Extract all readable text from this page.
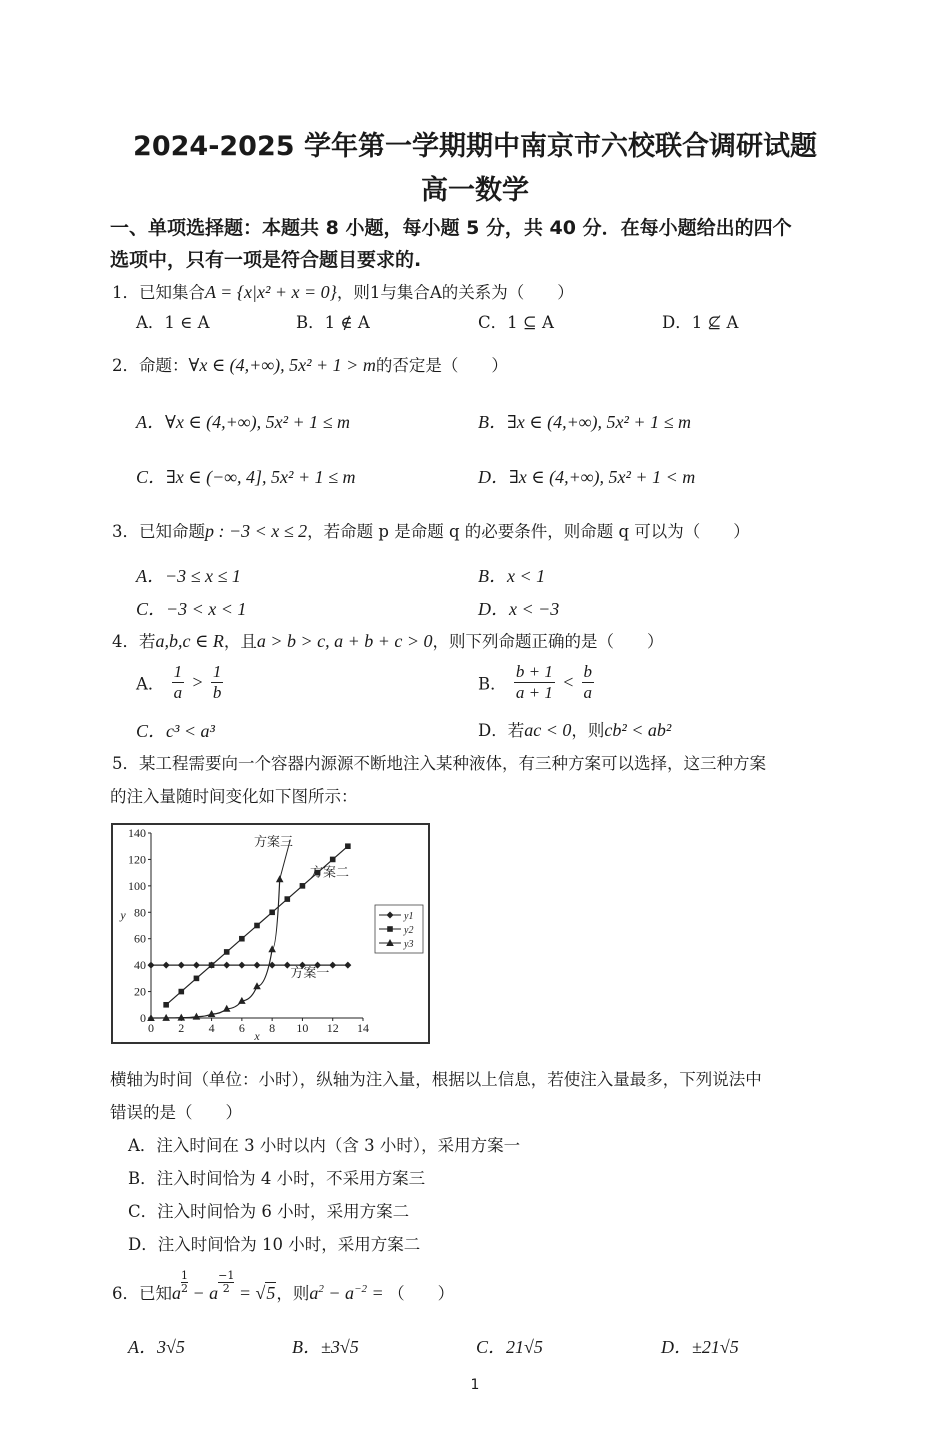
2024-2025 学年第一学期期中南京市六校联合调研试题
高一数学
一、单项选择题：本题共 8 小题，每小题 5 分，共 40 分．在每小题给出的四个
选项中，只有一项是符合题目要求的.
1．已知集合A = {x|x² + x = 0}，则1与集合A的关系为（　　）
A．1 ∈ A	B．1 ∉ A	C．1 ⊆ A	D．1 ⊈ A
2．命题：∀x ∈ (4,+∞), 5x² + 1 > m的否定是（　　）
A．∀x ∈ (4,+∞), 5x² + 1 ≤ m	B．∃x ∈ (4,+∞), 5x² + 1 ≤ m
C．∃x ∈ (−∞, 4], 5x² + 1 ≤ m	D．∃x ∈ (4,+∞), 5x² + 1 < m
3．已知命题p : −3 < x ≤ 2，若命题 p 是命题 q 的必要条件，则命题 q 可以为（　　）
A．−3 ≤ x ≤ 1	B．x < 1
C．−3 < x < 1	D．x < −3
4．若a,b,c ∈ R，且a > b > c, a + b + c > 0，则下列命题正确的是（　　）
A． $\frac{1}{a} > \frac{1}{b}$	B． $\frac{b + 1}{a + 1} < \frac{b}{a}$
C．c³ < a³	D．若ac < 0，则cb² < ab²
5．某工程需要向一个容器内源源不断地注入某种液体，有三种方案可以选择，这三种方案
的注入量随时间变化如下图所示：
0 2 4 6 8 10 12 14
0
20
40
60
80
100
120
140
x
y
方案三
方案二
方案一
y1
y2
y3
横轴为时间（单位：小时），纵轴为注入量，根据以上信息，若使注入量最多，下列说法中
错误的是（　　）
A．注入时间在 3 小时以内（含 3 小时），采用方案一
B．注入时间恰为 4 小时，不采用方案三
C．注入时间恰为 6 小时，采用方案二
D．注入时间恰为 10 小时，采用方案二
6．已知a $\frac{1}{2} - a \frac{-1}{2} = √5$，则$a^2 - a^{-2}$ = （　　）
A．3√5	B．±3√5	C．21√5	D．±21√5
1
